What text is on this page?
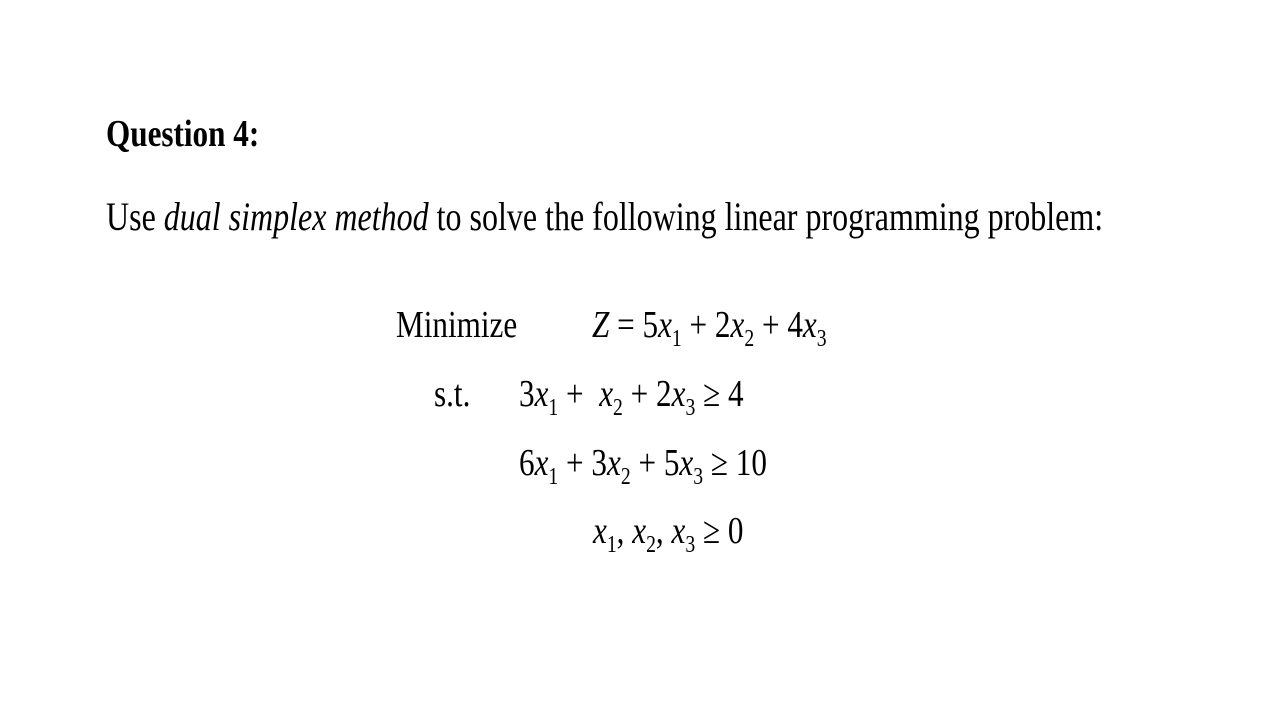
Question 4:
Use dual simplex method to solve the following linear programming problem:
Minimize $Z = 5x_1 + 2x_2 + 4x_3$
s.t. $3x_1 + x_2 + 2x_3 \ge 4$
$6x_1 + 3x_2 + 5x_3 \ge 10$
$x_1$, $x_2$, $x_3 \ge 0$
